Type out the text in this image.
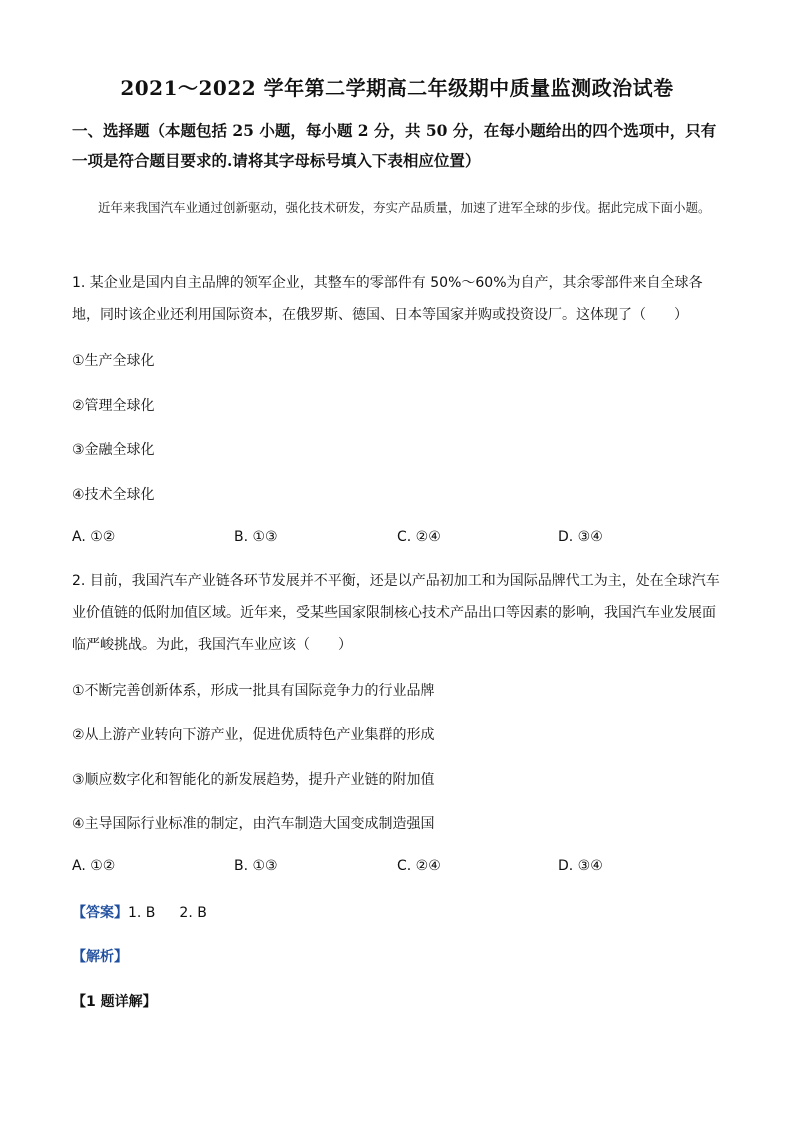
2021～2022 学年第二学期高二年级期中质量监测政治试卷
一、选择题（本题包括 25 小题，每小题 2 分，共 50 分，在每小题给出的四个选项中，只有一项是符合题目要求的.请将其字母标号填入下表相应位置）
近年来我国汽车业通过创新驱动，强化技术研发，夯实产品质量，加速了进军全球的步伐。据此完成下面小题。
1. 某企业是国内自主品牌的领军企业，其整车的零部件有 50%～60%为自产，其余零部件来自全球各地，同时该企业还利用国际资本，在俄罗斯、德国、日本等国家并购或投资设厂。这体现了（　　）
①生产全球化
②管理全球化
③金融全球化
④技术全球化
A. ①②	B. ①③	C. ②④	D. ③④
2. 目前，我国汽车产业链各环节发展并不平衡，还是以产品初加工和为国际品牌代工为主，处在全球汽车业价值链的低附加值区域。近年来，受某些国家限制核心技术产品出口等因素的影响，我国汽车业发展面临严峻挑战。为此，我国汽车业应该（　　）
①不断完善创新体系，形成一批具有国际竞争力的行业品牌
②从上游产业转向下游产业，促进优质特色产业集群的形成
③顺应数字化和智能化的新发展趋势，提升产业链的附加值
④主导国际行业标准的制定，由汽车制造大国变成制造强国
A. ①②	B. ①③	C. ②④	D. ③④
【答案】1. B 2. B
【解析】
【1 题详解】
